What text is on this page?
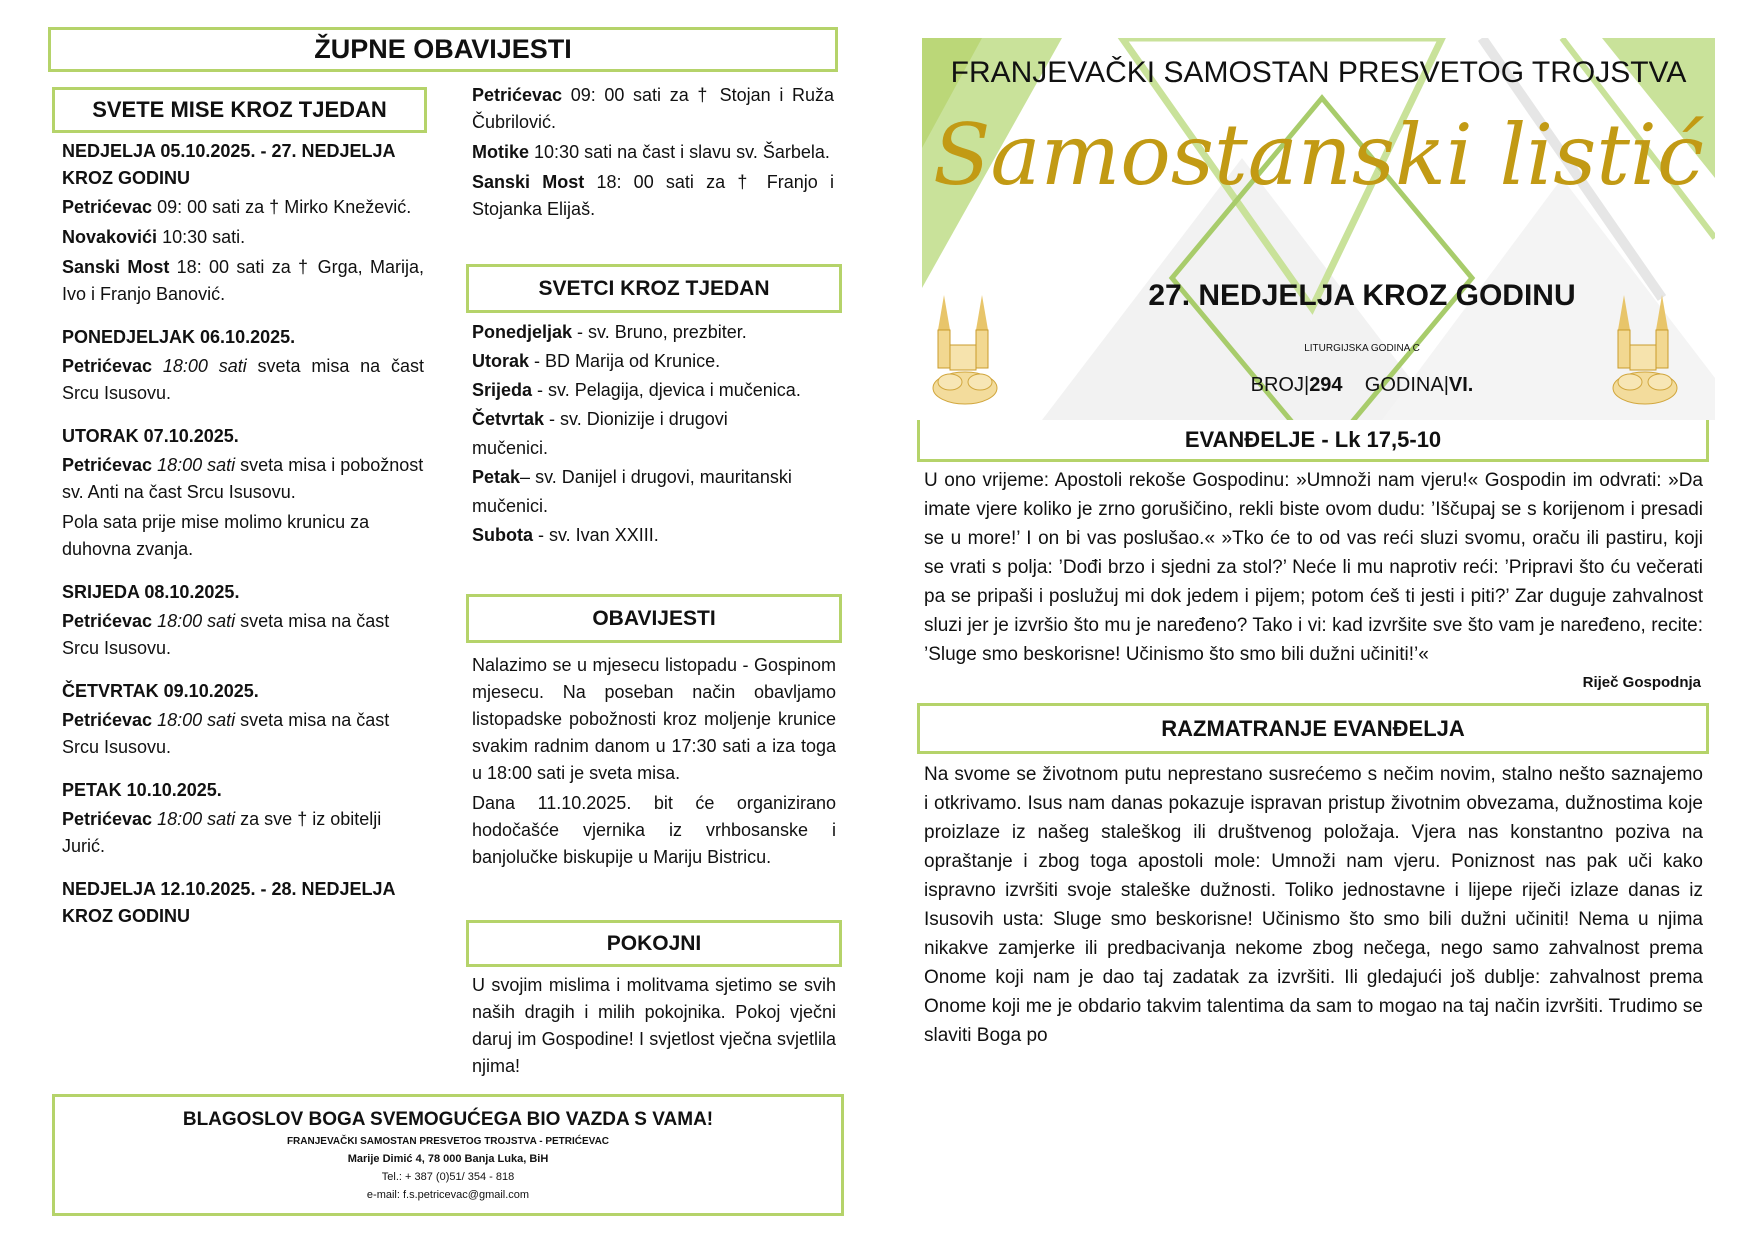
ŽUPNE OBAVIJESTI
SVETE MISE KROZ TJEDAN
NEDJELJA 05.10.2025. - 27. NEDJELJA KROZ GODINU
Petrićevac 09: 00 sati za † Mirko Knežević.
Novakovići 10:30 sati.
Sanski Most 18: 00 sati za † Grga, Marija, Ivo i Franjo Banović.
PONEDJELJAK 06.10.2025.
Petrićevac 18:00 sati sveta misa na čast Srcu Isusovu.
UTORAK 07.10.2025.
Petrićevac 18:00 sati sveta misa i pobožnost sv. Anti na čast Srcu Isusovu.
Pola sata prije mise molimo krunicu za duhovna zvanja.
SRIJEDA 08.10.2025.
Petrićevac 18:00 sati sveta misa na čast Srcu Isusovu.
ČETVRTAK 09.10.2025.
Petrićevac 18:00 sati sveta misa na čast Srcu Isusovu.
PETAK 10.10.2025.
Petrićevac 18:00 sati za sve † iz obitelji Jurić.
NEDJELJA 12.10.2025. - 28. NEDJELJA KROZ GODINU
Petrićevac 09: 00 sati za † Stojan i Ruža Čubrilović.
Motike 10:30 sati na čast i slavu sv. Šarbela.
Sanski Most 18: 00 sati za † Franjo i Stojanka Elijaš.
SVETCI KROZ TJEDAN
Ponedjeljak - sv. Bruno, prezbiter.
Utorak - BD Marija od Krunice.
Srijeda - sv. Pelagija, djevica i mučenica.
Četvrtak - sv. Dionizije i drugovi mučenici.
Petak– sv. Danijel i drugovi, mauritanski mučenici.
Subota - sv. Ivan XXIII.
OBAVIJESTI
Nalazimo se u mjesecu listopadu - Gospinom mjesecu. Na poseban način obavljamo listopadske pobožnosti kroz moljenje krunice svakim radnim danom u 17:30 sati a iza toga u 18:00 sati je sveta misa.
Dana 11.10.2025. bit će organizirano hodočašće vjernika iz vrhbosanske i banjolučke biskupije u Mariju Bistricu.
POKOJNI
U svojim mislima i molitvama sjetimo se svih naših dragih i milih pokojnika. Pokoj vječni daruj im Gospodine! I svjetlost vječna svjetlila njima!
BLAGOSLOV BOGA SVEMOGUĆEGA BIO VAZDA S VAMA!
FRANJEVAČKI SAMOSTAN PRESVETOG TROJSTVA - PETRIĆEVAC
Marije Dimić 4, 78 000 Banja Luka, BiH
Tel.: + 387 (0)51/ 354 - 818
e-mail: f.s.petricevac@gmail.com
FRANJEVAČKI SAMOSTAN PRESVETOG TROJSTVA
Samostanski listić
27. NEDJELJA KROZ GODINU
LITURGIJSKA GODINA C
BROJ|294 GODINA|VI.
EVANĐELJE - Lk 17,5-10
U ono vrijeme: Apostoli rekoše Gospodinu: »Umnoži nam vjeru!« Gospodin im odvrati: »Da imate vjere koliko je zrno gorušičino, rekli biste ovom dudu: ’Iščupaj se s korijenom i presadi se u more!’ I on bi vas poslušao.« »Tko će to od vas reći sluzi svomu, oraču ili pastiru, koji se vrati s polja: ’Dođi brzo i sjedni za stol?’ Neće li mu naprotiv reći: ’Pripravi što ću večerati pa se pripaši i poslužuj mi dok jedem i pijem; potom ćeš ti jesti i piti?’ Zar duguje zahvalnost sluzi jer je izvršio što mu je naređeno? Tako i vi: kad izvršite sve što vam je naređeno, recite: ’Sluge smo beskorisne! Učinismo što smo bili dužni učiniti!’«
Riječ Gospodnja
RAZMATRANJE EVANĐELJA
Na svome se životnom putu neprestano susrećemo s nečim novim, stalno nešto saznajemo i otkrivamo. Isus nam danas pokazuje ispravan pristup životnim obvezama, dužnostima koje proizlaze iz našeg staleškog ili društvenog položaja. Vjera nas konstantno poziva na opraštanje i zbog toga apostoli mole: Umnoži nam vjeru. Poniznost nas pak uči kako ispravno izvršiti svoje staleške dužnosti. Toliko jednostavne i lijepe riječi izlaze danas iz Isusovih usta: Sluge smo beskorisne! Učinismo što smo bili dužni učiniti! Nema u njima nikakve zamjerke ili predbacivanja nekome zbog nečega, nego samo zahvalnost prema Onome koji nam je dao taj zadatak za izvršiti. Ili gledajući još dublje: zahvalnost prema Onome koji me je obdario takvim talentima da sam to mogao na taj način izvršiti. Trudimo se slaviti Boga po
